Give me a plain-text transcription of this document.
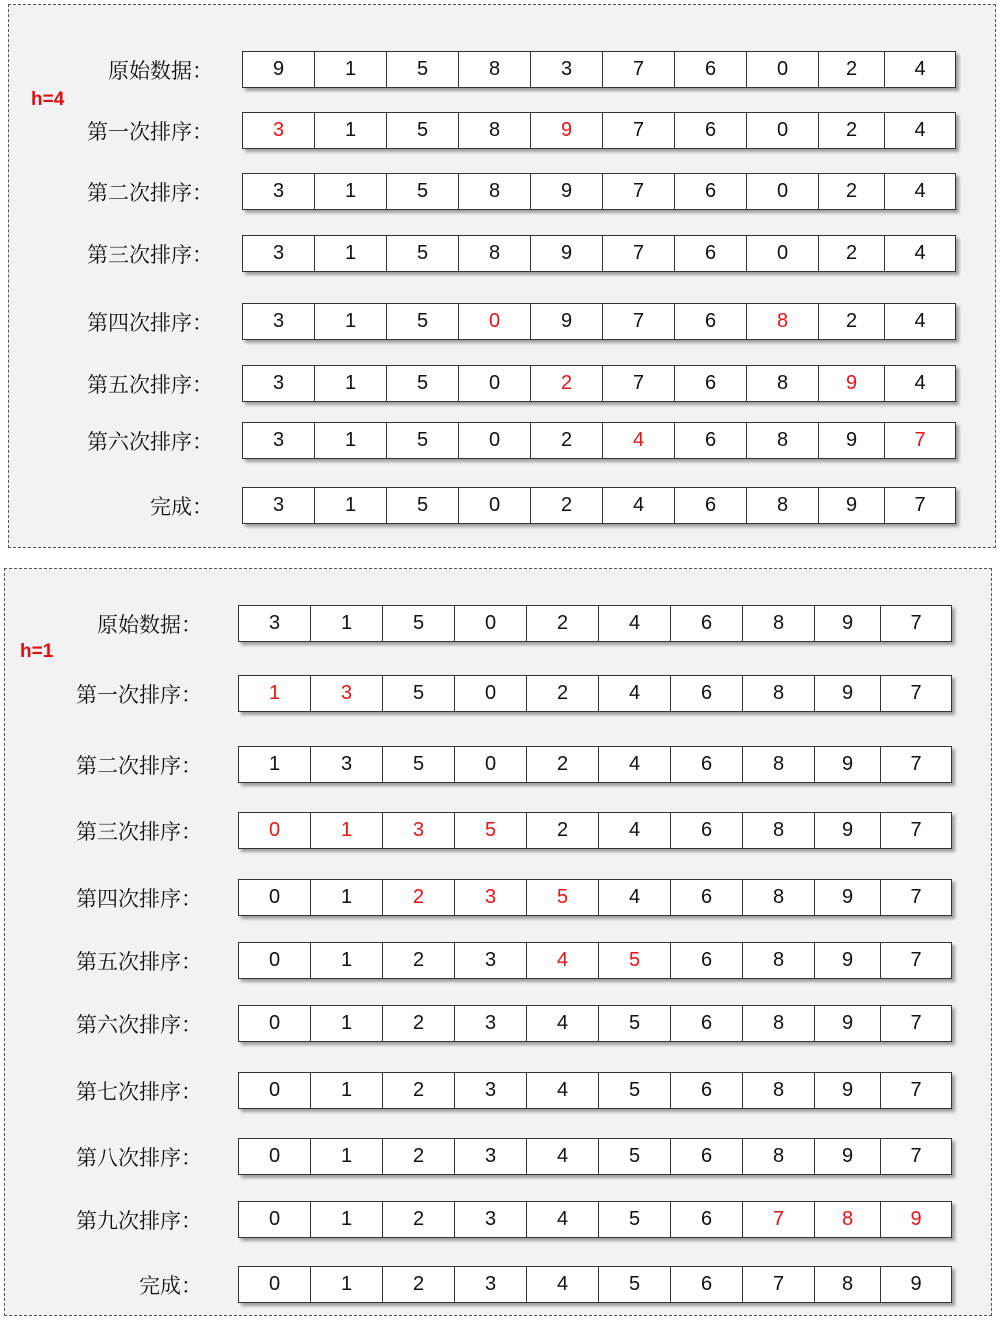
h=4
h=1
原始数据：	9	1	5	8	3	7	6	0	2	4
第一次排序：	3	1	5	8	9	7	6	0	2	4
第二次排序：	3	1	5	8	9	7	6	0	2	4
第三次排序：	3	1	5	8	9	7	6	0	2	4
第四次排序：	3	1	5	0	9	7	6	8	2	4
第五次排序：	3	1	5	0	2	7	6	8	9	4
第六次排序：	3	1	5	0	2	4	6	8	9	7
完成：	3	1	5	0	2	4	6	8	9	7
原始数据：	3	1	5	0	2	4	6	8	9	7
第一次排序：	1	3	5	0	2	4	6	8	9	7
第二次排序：	1	3	5	0	2	4	6	8	9	7
第三次排序：	0	1	3	5	2	4	6	8	9	7
第四次排序：	0	1	2	3	5	4	6	8	9	7
第五次排序：	0	1	2	3	4	5	6	8	9	7
第六次排序：	0	1	2	3	4	5	6	8	9	7
第七次排序：	0	1	2	3	4	5	6	8	9	7
第八次排序：	0	1	2	3	4	5	6	8	9	7
第九次排序：	0	1	2	3	4	5	6	7	8	9
完成：	0	1	2	3	4	5	6	7	8	9
